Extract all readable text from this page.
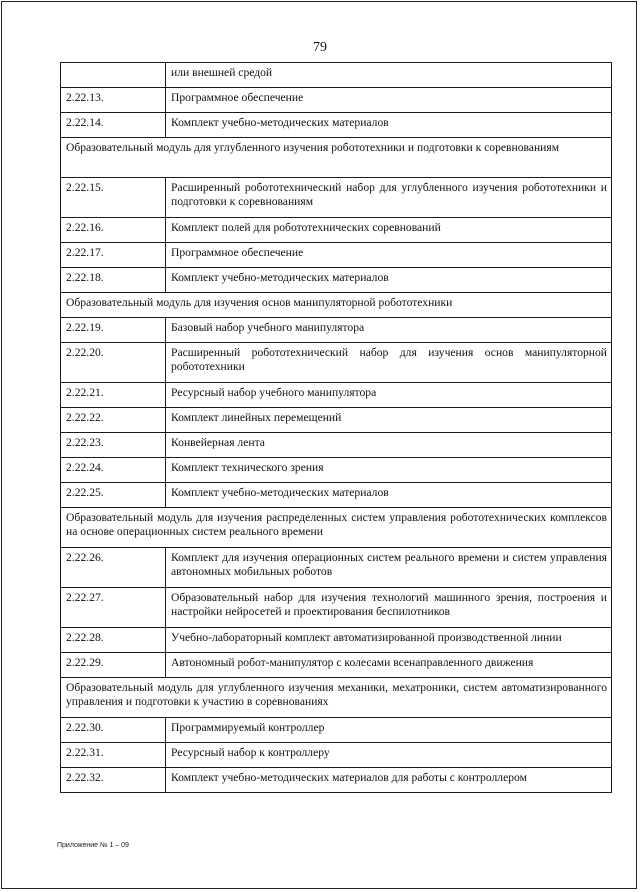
79
	или внешней средой
2.22.13.	Программное обеспечение
2.22.14.	Комплект учебно-методических материалов
Образовательный модуль для углубленного изучения робототехники и подготовки к соревнованиям	
2.22.15.	Расширенный робототехнический набор для углубленного изучения робототехники и подготовки к соревнованиям
2.22.16.	Комплект полей для робототехнических соревнований
2.22.17.	Программное обеспечение
2.22.18.	Комплект учебно-методических материалов
Образовательный модуль для изучения основ манипуляторной робототехники	
2.22.19.	Базовый набор учебного манипулятора
2.22.20.	Расширенный робототехнический набор для изучения основ манипуляторной робототехники
2.22.21.	Ресурсный набор учебного манипулятора
2.22.22.	Комплект линейных перемещений
2.22.23.	Конвейерная лента
2.22.24.	Комплект технического зрения
2.22.25.	Комплект учебно-методических материалов
Образовательный модуль для изучения распределенных систем управления робототехнических комплексов на основе операционных систем реального времени	
2.22.26.	Комплект для изучения операционных систем реального времени и систем управления автономных мобильных роботов
2.22.27.	Образовательный набор для изучения технологий машинного зрения, построения и настройки нейросетей и проектирования беспилотников
2.22.28.	Учебно-лабораторный комплект автоматизированной производственной линии
2.22.29.	Автономный робот-манипулятор с колесами всенаправленного движения
Образовательный модуль для углубленного изучения механики, мехатроники, систем автоматизированного управления и подготовки к участию в соревнованиях	
2.22.30.	Программируемый контроллер
2.22.31.	Ресурсный набор к контроллеру
2.22.32.	Комплект учебно-методических материалов для работы с контроллером
Приложение № 1 – 09
